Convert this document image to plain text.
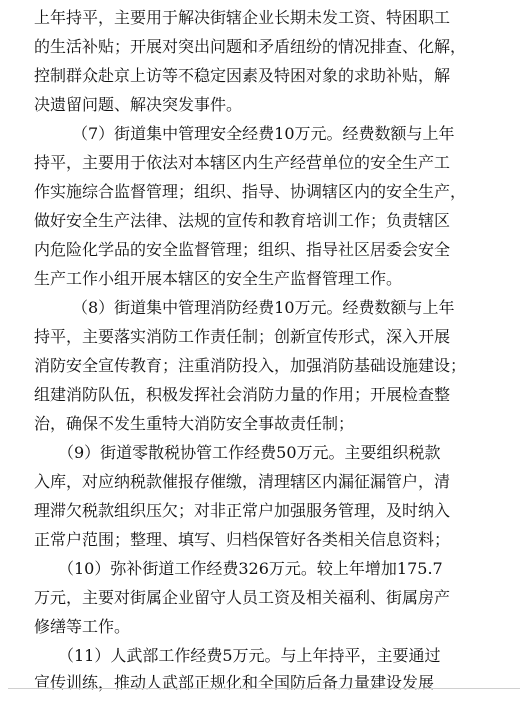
上年持平，主要用于解决街辖企业长期未发工资、特困职工
的生活补贴；开展对突出问题和矛盾纽纷的情况排查、化解，
控制群众赴京上访等不稳定因素及特困对象的求助补贴，解
决遗留问题、解决突发事件。
（7）街道集中管理安全经费10万元。经费数额与上年
持平，主要用于依法对本辖区内生产经营单位的安全生产工
作实施综合监督管理；组织、指导、协调辖区内的安全生产，
做好安全生产法律、法规的宣传和教育培训工作；负责辖区
内危险化学品的安全监督管理；组织、指导社区居委会安全
生产工作小组开展本辖区的安全生产监督管理工作。
（8）街道集中管理消防经费10万元。经费数额与上年
持平，主要落实消防工作责任制；创新宣传形式，深入开展
消防安全宣传教育；注重消防投入，加强消防基础设施建设；
组建消防队伍，积极发挥社会消防力量的作用；开展检查整
治，确保不发生重特大消防安全事故责任制；
（9）街道零散税协管工作经费50万元。主要组织税款
入库，对应纳税款催报存催缴，清理辖区内漏征漏管户，清
理滞欠税款组织压欠；对非正常户加强服务管理，及时纳入
正常户范围；整理、填写、归档保管好各类相关信息资料；
（10）弥补街道工作经费326万元。较上年增加175.7
万元，主要对街属企业留守人员工资及相关福利、街属房产
修缮等工作。
（11）人武部工作经费5万元。与上年持平，主要通过
宣传训练，推动人武部正规化和全国防后备力量建设发展
